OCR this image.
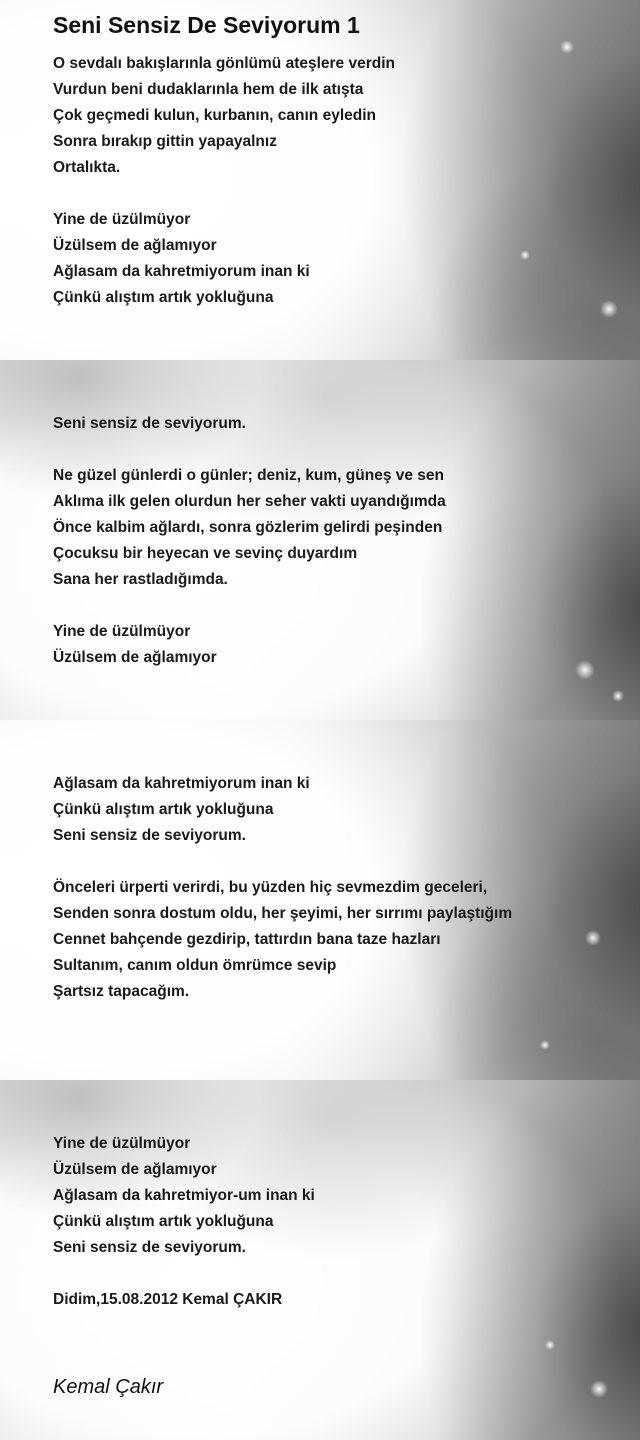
Seni Sensiz De Seviyorum 1
O sevdalı bakışlarınla gönlümü ateşlere verdin
Vurdun beni dudaklarınla hem de ilk atışta
Çok geçmedi kulun, kurbanın, canın eyledin
Sonra bırakıp gittin yapayalnız
Ortalıkta.
Yine de üzülmüyor
Üzülsem de ağlamıyor
Ağlasam da kahretmiyorum inan ki
Çünkü alıştım artık yokluğuna
Seni sensiz de seviyorum.
Ne güzel günlerdi o günler; deniz, kum, güneş ve sen
Aklıma ilk gelen olurdun her seher vakti uyandığımda
Önce kalbim ağlardı, sonra gözlerim gelirdi peşinden
Çocuksu bir heyecan ve sevinç duyardım
Sana her rastladığımda.
Yine de üzülmüyor
Üzülsem de ağlamıyor
Ağlasam da kahretmiyorum inan ki
Çünkü alıştım artık yokluğuna
Seni sensiz de seviyorum.
Önceleri ürperti verirdi, bu yüzden hiç sevmezdim geceleri,
Senden sonra dostum oldu, her şeyimi, her sırrımı paylaştığım
Cennet bahçende gezdirip, tattırdın bana taze hazları
Sultanım, canım oldun ömrümce sevip
Şartsız tapacağım.
Yine de üzülmüyor
Üzülsem de ağlamıyor
Ağlasam da kahretmiyor-um inan ki
Çünkü alıştım artık yokluğuna
Seni sensiz de seviyorum.
Didim,15.08.2012 Kemal ÇAKIR
Kemal Çakır
